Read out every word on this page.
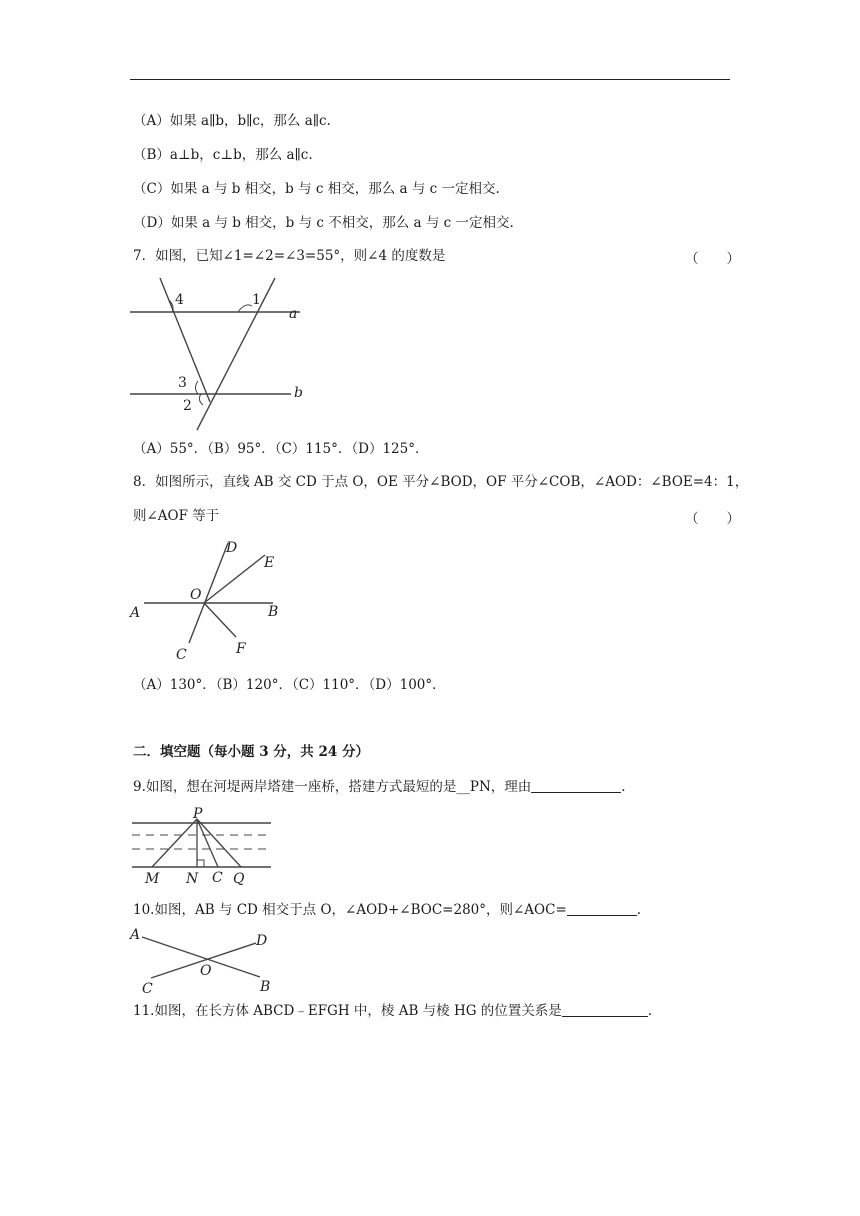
（A）如果 a∥b，b∥c，那么 a∥c.
（B）a⊥b，c⊥b，那么 a∥c.
（C）如果 a 与 b 相交，b 与 c 相交，那么 a 与 c 一定相交.
（D）如果 a 与 b 相交，b 与 c 不相交，那么 a 与 c 一定相交.
7．如图，已知∠1=∠2=∠3=55°，则∠4 的度数是	（ ）
4	1
3
2
a
b
（A）55°．（B）95°．（C）115°．（D）125°．
8．如图所示，直线 AB 交 CD 于点 O，OE 平分∠BOD，OF 平分∠COB，∠AOD：∠BOE=4：1，
则∠AOF 等于	（ ）
A	B
C
D
E
F
O
（A）130°．（B）120°．（C）110°．（D）100°．
二．填空题（每小题 3 分，共 24 分）
9.如图，想在河堤两岸塔建一座桥，搭建方式最短的是__PN，理由	.
P
M N C Q
10.如图，AB 与 CD 相交于点 O，∠AOD+∠BOC=280°，则∠AOC=	.
A	D
O
C	B
11.如图，在长方体 ABCD﹣EFGH 中，棱 AB 与棱 HG 的位置关系是	.
